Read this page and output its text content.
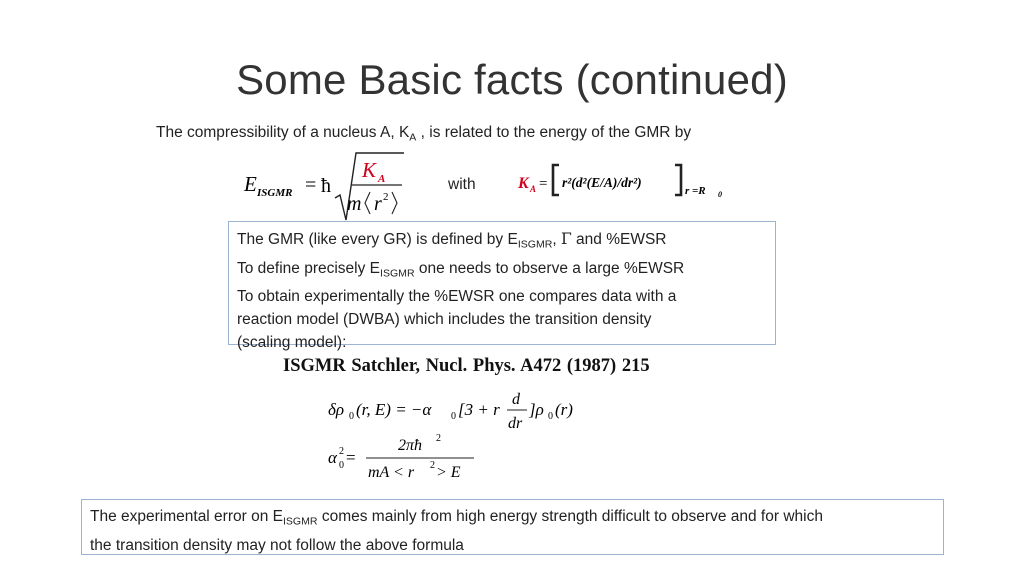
Some Basic facts (continued)
The compressibility of a nucleus A, $K_A$ , is related to the energy of the GMR by
E ISGMR = ħ
K A
m r 2
with	K A = r²(d²(E/A)/dr²)
r =R 0
The GMR (like every GR) is defined by $E_{ISGMR}$, Γ and %EWSR
To define precisely $E_{ISGMR}$ one needs to observe a large %EWSR
To obtain experimentally the %EWSR one compares data with a
reaction model (DWBA) which includes the transition density
(scaling model):
ISGMR Satchler, Nucl. Phys. A472 (1987) 215
δρ 0 (r, E) = −α 0 [3 + r
d
dr
]ρ 0 (r)
α 2
0 =
2πħ 2
mA < r 2 > E
The experimental error on $E_{ISGMR}$ comes mainly from high energy strength difficult to observe and for which
the transition density may not follow the above formula
